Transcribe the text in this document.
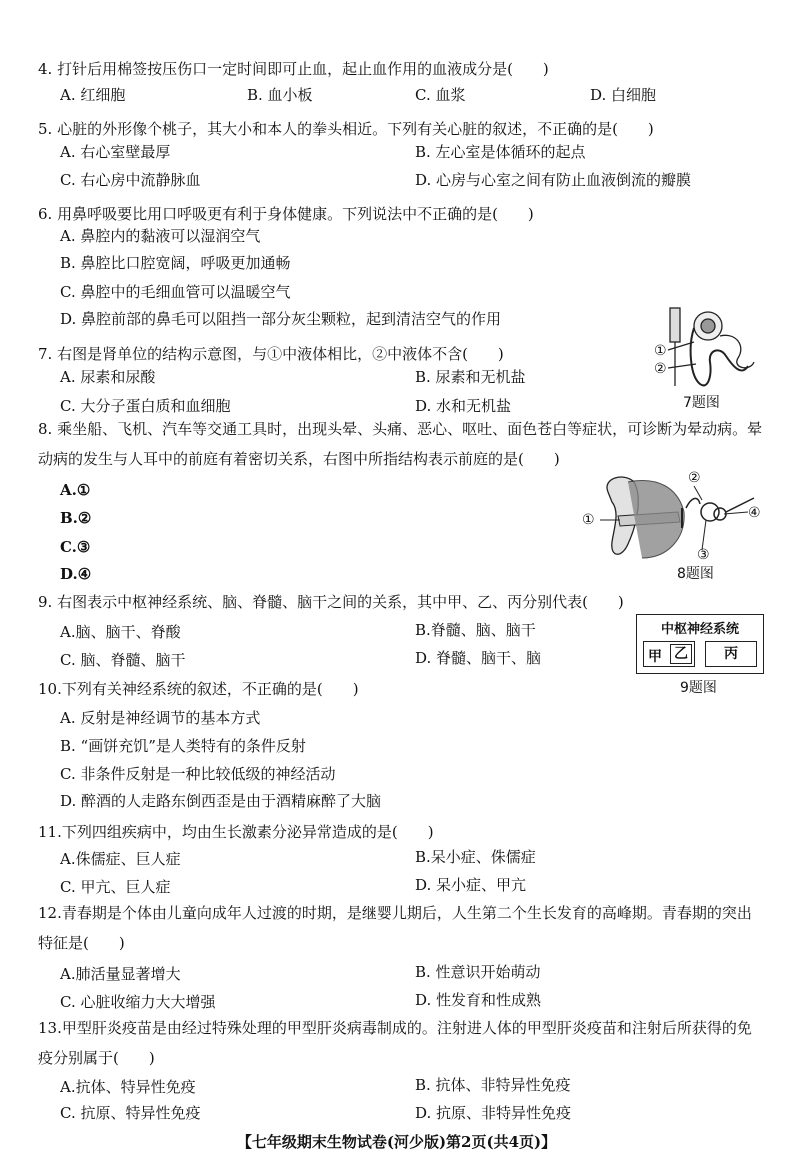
4. 打针后用棉签按压伤口一定时间即可止血，起止血作用的血液成分是(　　)
A. 红细胞	B. 血小板	C. 血浆	D. 白细胞
5. 心脏的外形像个桃子，其大小和本人的拳头相近。下列有关心脏的叙述，不正确的是(　　)
A. 右心室壁最厚	B. 左心室是体循环的起点
C. 右心房中流静脉血	D. 心房与心室之间有防止血液倒流的瓣膜
6. 用鼻呼吸要比用口呼吸更有利于身体健康。下列说法中不正确的是(　　)
A. 鼻腔内的黏液可以湿润空气
B. 鼻腔比口腔宽阔，呼吸更加通畅
C. 鼻腔中的毛细血管可以温暖空气
D. 鼻腔前部的鼻毛可以阻挡一部分灰尘颗粒，起到清洁空气的作用
7. 右图是肾单位的结构示意图，与①中液体相比，②中液体不含(　　)
A. 尿素和尿酸	B. 尿素和无机盐
C. 大分子蛋白质和血细胞	D. 水和无机盐
①
②
7题图
8. 乘坐船、飞机、汽车等交通工具时，出现头晕、头痛、恶心、呕吐、面色苍白等症状，可诊断为晕动病。晕动病的发生与人耳中的前庭有着密切关系，右图中所指结构表示前庭的是(　　)
A.①
B.②
C.③
D.④
①
②
③
④
8题图
9. 右图表示中枢神经系统、脑、脊髓、脑干之间的关系，其中甲、乙、丙分别代表(　　)
A.脑、脑干、脊酸	B.脊髓、脑、脑干
C. 脑、脊髓、脑干	D. 脊髓、脑干、脑
中枢神经系统
甲 乙	丙
9题图
10.下列有关神经系统的叙述，不正确的是(　　)
A. 反射是神经调节的基本方式
B. “画饼充饥”是人类特有的条件反射
C. 非条件反射是一种比较低级的神经活动
D. 醉酒的人走路东倒西歪是由于酒精麻醉了大脑
11.下列四组疾病中，均由生长激素分泌异常造成的是(　　)
A.侏儒症、巨人症	B.呆小症、侏儒症
C. 甲亢、巨人症	D. 呆小症、甲亢
12.青春期是个体由儿童向成年人过渡的时期，是继婴儿期后，人生第二个生长发育的高峰期。青春期的突出特征是(　　)
A.肺活量显著增大	B. 性意识开始萌动
C. 心脏收缩力大大增强	D. 性发育和性成熟
13.甲型肝炎疫苗是由经过特殊处理的甲型肝炎病毒制成的。注射进人体的甲型肝炎疫苗和注射后所获得的免疫分别属于(　　)
A.抗体、特异性免疫	B. 抗体、非特异性免疫
C. 抗原、特异性免疫	D. 抗原、非特异性免疫
【七年级期末生物试卷(河少版)第2页(共4页)】
